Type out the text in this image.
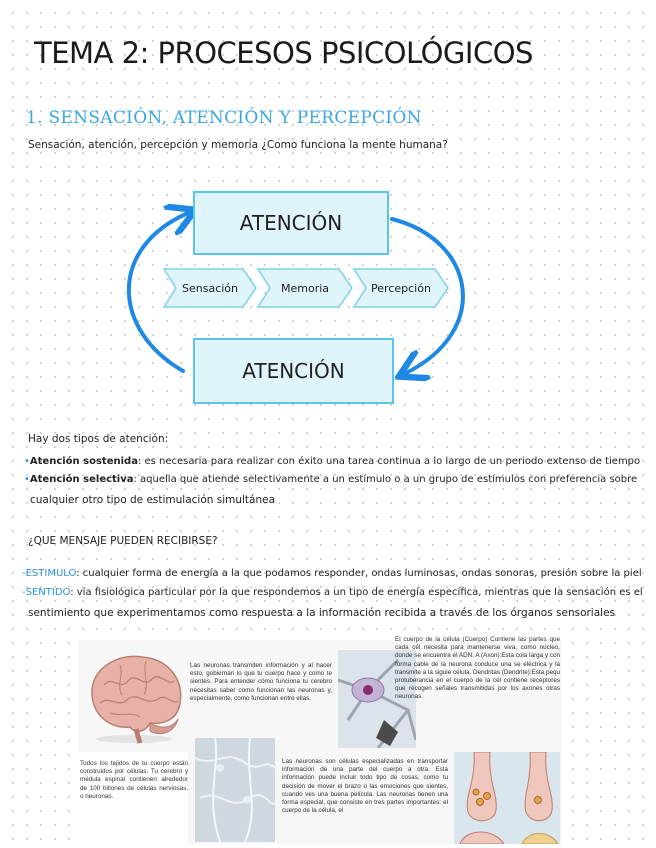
TEMA 2: PROCESOS PSICOLÓGICOS
1. SENSACIÓN, ATENCIÓN Y PERCEPCIÓN
Sensación, atención, percepción y memoria ¿Como funciona la mente humana?
ATENCIÓN
ATENCIÓN
Sensación	Memoria	Percepción
Hay dos tipos de atención:
•Atención sostenida: es necesaria para realizar con éxito una tarea continua a lo largo de un periodo extenso de tiempo
•Atención selectiva: aquella que atiende selectivamente a un estímulo o a un grupo de estímulos con preferencia sobre
cualquier otro tipo de estimulación simultánea
¿QUE MENSAJE PUEDEN RECIBIRSE?
-ESTIMULO: cualquier forma de energía a la que podamos responder, ondas luminosas, ondas sonoras, presión sobre la piel
-SENTIDO: vía fisiológica particular por la que respondemos a un tipo de energía específica, mientras que la sensación es el
sentimiento que experimentamos como respuesta a la información recibida a través de los órganos sensoriales
Las neuronas transmiten información y al hacer esto, gobiernan lo que tu cuerpo hace y como te sientes. Para entender cómo funciona tu cerebro necesitas saber como funcionan las neuronas y, especialmente, como funcionan entre ellas.
El cuerpo de la célula (Cuerpo) Contiene las partes que cada cél necesita para mantenerse viva, como núcleo, donde se encuentra el ADN. A (Axon):Esta cola larga y con forma cable de la neurona conduce una se eléctrica y la transmite a la siguie célula. Dendritas (Dendrite):Esta pequ protuberancia en el cuerpo de la cél contiene receptores que recogen señales transmitidas por los axones otras neuronas.
Todos los tejidos de tu cuerpo están construidos por células. Tu cerebro y médula espinal contienen alrededor de 100 billones de células nerviosas, o neuronas.
Las neuronas son células especializadas en transportar información de una parte del cuerpo a otra. Esta información puede incluir todo tipo de cosas, como tu decisión de mover el brazo o las emociones que sientes, cuando ves una buena película. Las neuronas tienen una forma especial, que consiste en tres partes importantes: el cuerpo de la célula, el
